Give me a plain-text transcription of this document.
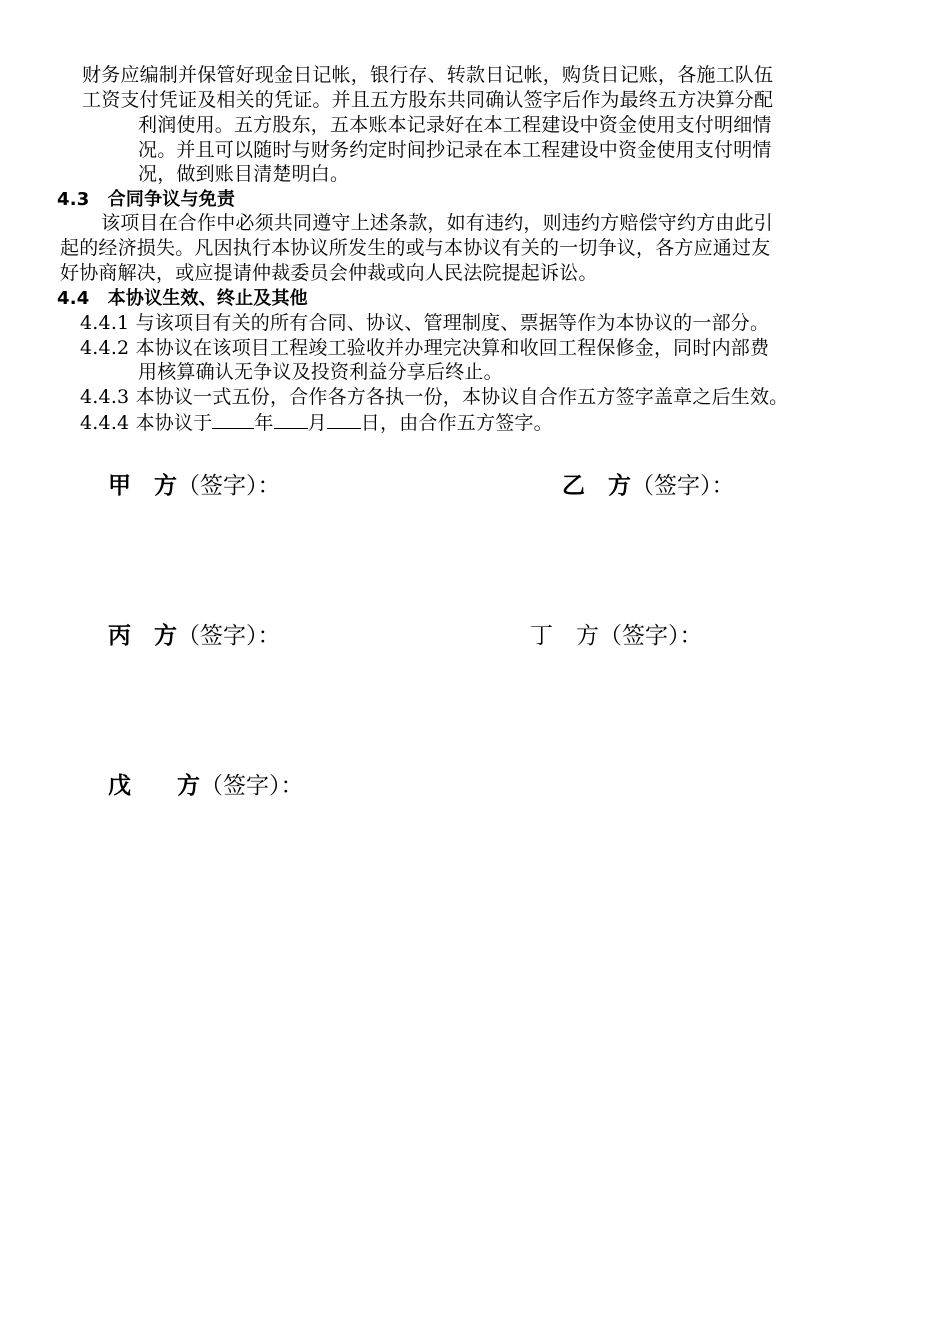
财务应编制并保管好现金日记帐，银行存、转款日记帐，购货日记账，各施工队伍
工资支付凭证及相关的凭证。并且五方股东共同确认签字后作为最终五方决算分配
利润使用。五方股东，五本账本记录好在本工程建设中资金使用支付明细情
况。并且可以随时与财务约定时间抄记录在本工程建设中资金使用支付明情
况，做到账目清楚明白。
4.3　合同争议与免责
该项目在合作中必须共同遵守上述条款，如有违约，则违约方赔偿守约方由此引
起的经济损失。凡因执行本协议所发生的或与本协议有关的一切争议，各方应通过友
好协商解决，或应提请仲裁委员会仲裁或向人民法院提起诉讼。
4.4　本协议生效、终止及其他
4.4.1 与该项目有关的所有合同、协议、管理制度、票据等作为本协议的一部分。
4.4.2 本协议在该项目工程竣工验收并办理完决算和收回工程保修金，同时内部费
用核算确认无争议及投资利益分享后终止。
4.4.3 本协议一式五份，合作各方各执一份，本协议自合作五方签字盖章之后生效。
4.4.4 本协议于 年 月 日，由合作五方签字。
甲　方（签字）：	乙　方（签字）：
丙　方（签字）：	丁　方（签字）：
戊　　方（签字）：
